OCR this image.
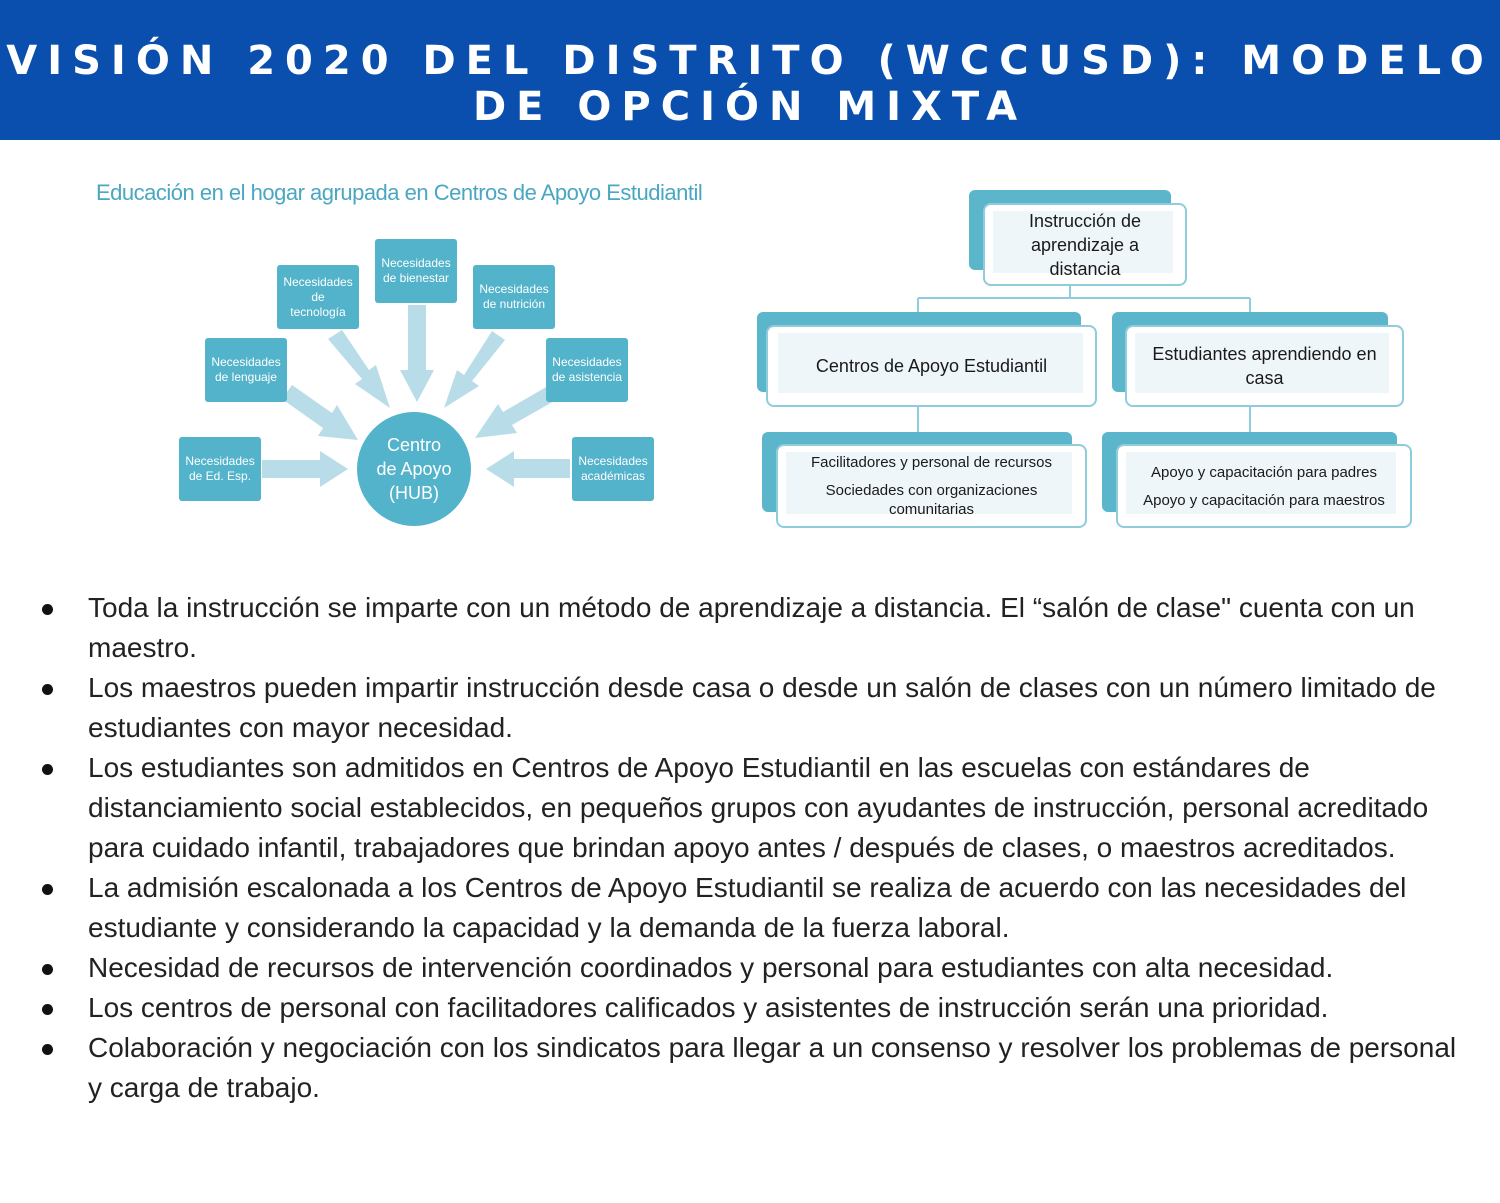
VISIÓN 2020 DEL DISTRITO (WCCUSD): MODELO DE OPCIÓN MIXTA
Educación en el hogar agrupada en Centros de Apoyo Estudiantil
Necesidades
de Ed. Esp.
Necesidades
de lenguaje
Necesidades
de
tecnología
Necesidades
de bienestar
Necesidades
de nutrición
Necesidades
de asistencia
Necesidades
académicas
Centro
de Apoyo
(HUB)
Instrucción de aprendizaje a distancia
Centros de Apoyo Estudiantil
Estudiantes aprendiendo en casa
Facilitadores y personal de recursos
Sociedades con organizaciones comunitarias
Apoyo y capacitación para padres
Apoyo y capacitación para maestros
Toda la instrucción se imparte con un método de aprendizaje a distancia. El “salón de clase" cuenta con un maestro.
Los maestros pueden impartir instrucción desde casa o desde un salón de clases con un número limitado de estudiantes con mayor necesidad.
Los estudiantes son admitidos en Centros de Apoyo Estudiantil en las escuelas con estándares de distanciamiento social establecidos, en pequeños grupos con ayudantes de instrucción, personal acreditado para cuidado infantil, trabajadores que brindan apoyo antes / después de clases, o maestros acreditados.
La admisión escalonada a los Centros de Apoyo Estudiantil se realiza de acuerdo con las necesidades del estudiante y considerando la capacidad y la demanda de la fuerza laboral.
Necesidad de recursos de intervención coordinados y personal para estudiantes con alta necesidad.
Los centros de personal con facilitadores calificados y asistentes de instrucción serán una prioridad.
Colaboración y negociación con los sindicatos para llegar a un consenso y resolver los problemas de personal y carga de trabajo.
